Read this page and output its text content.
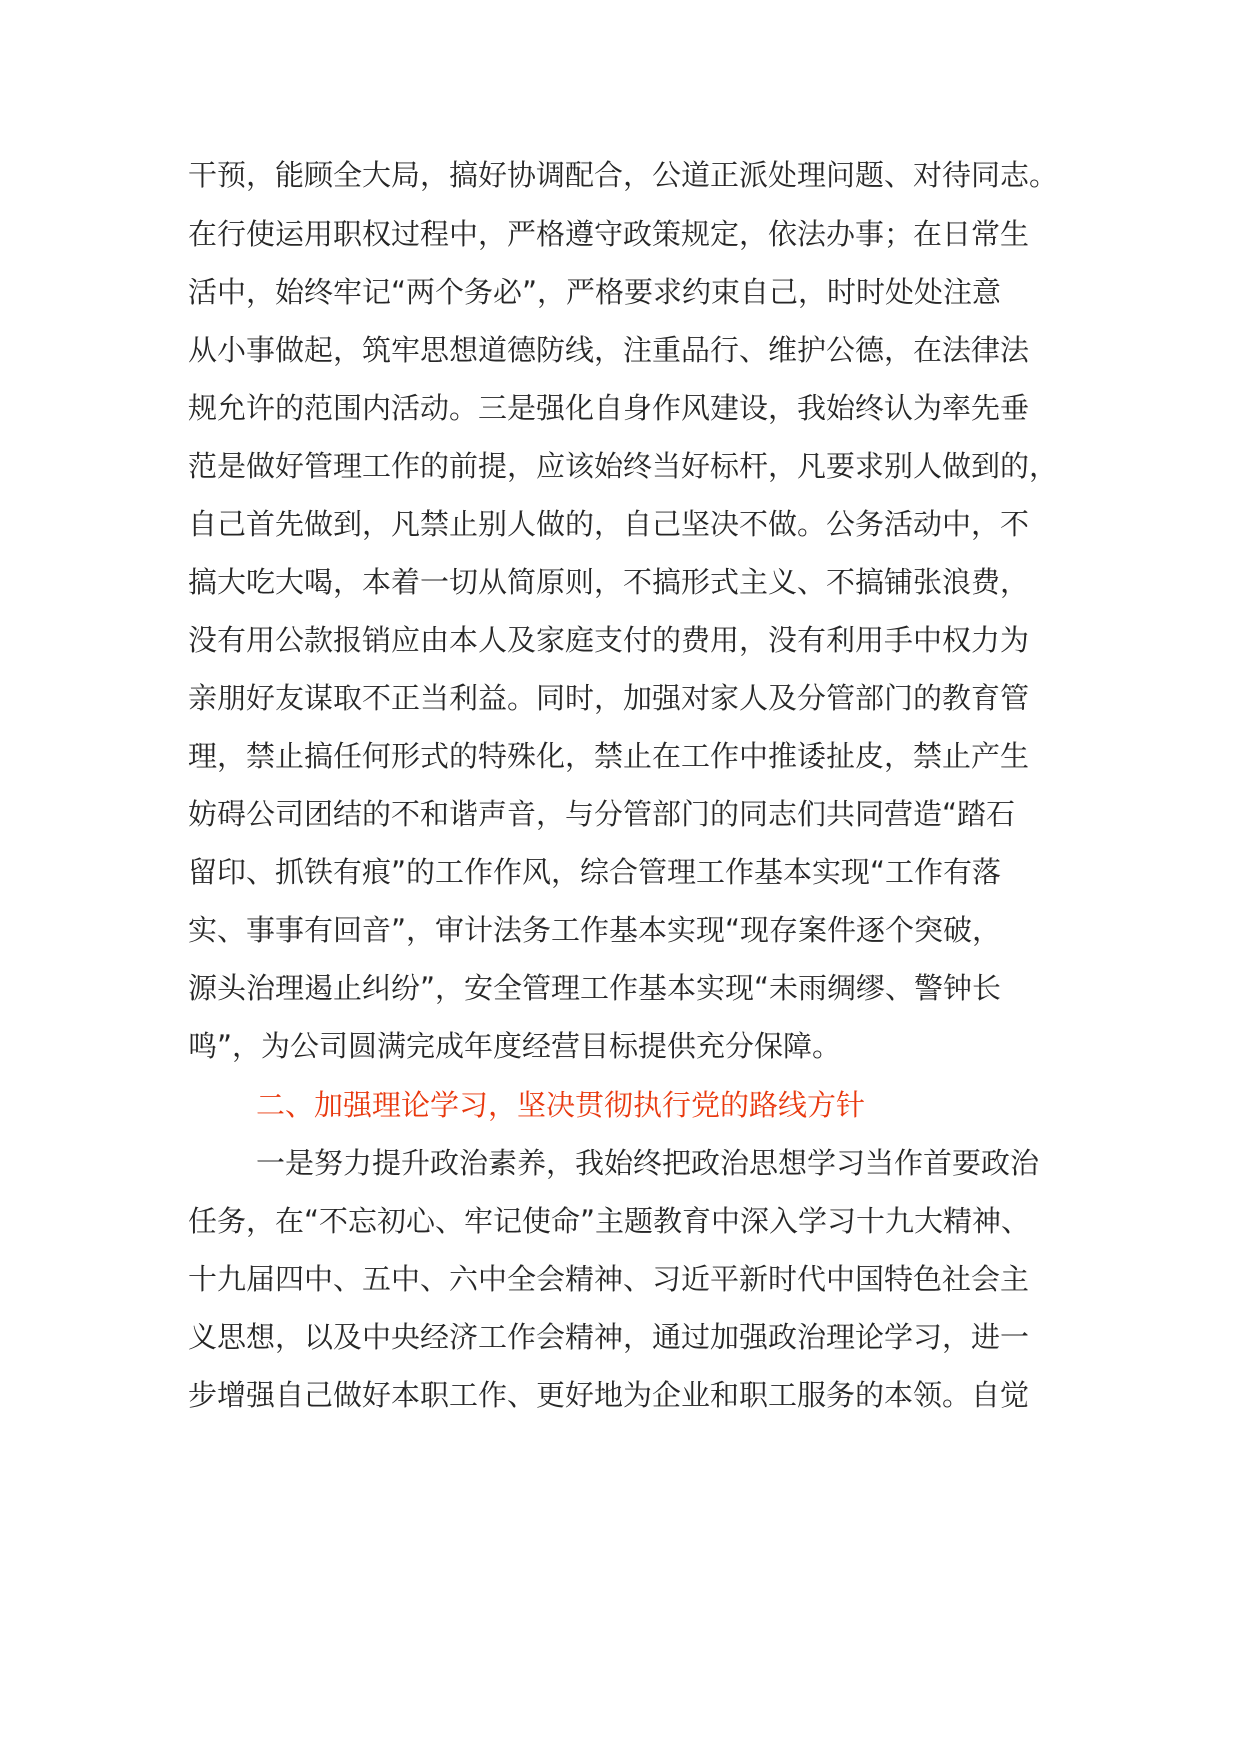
干预，能顾全大局，搞好协调配合，公道正派处理问题、对待同志。
在行使运用职权过程中，严格遵守政策规定，依法办事；在日常生
活中，始终牢记“两个务必”，严格要求约束自己，时时处处注意
从小事做起，筑牢思想道德防线，注重品行、维护公德，在法律法
规允许的范围内活动。三是强化自身作风建设，我始终认为率先垂
范是做好管理工作的前提，应该始终当好标杆，凡要求别人做到的，
自己首先做到，凡禁止别人做的，自己坚决不做。公务活动中，不
搞大吃大喝，本着一切从简原则，不搞形式主义、不搞铺张浪费，
没有用公款报销应由本人及家庭支付的费用，没有利用手中权力为
亲朋好友谋取不正当利益。同时，加强对家人及分管部门的教育管
理，禁止搞任何形式的特殊化，禁止在工作中推诿扯皮，禁止产生
妨碍公司团结的不和谐声音，与分管部门的同志们共同营造“踏石
留印、抓铁有痕”的工作作风，综合管理工作基本实现“工作有落
实、事事有回音”，审计法务工作基本实现“现存案件逐个突破，
源头治理遏止纠纷”，安全管理工作基本实现“未雨绸缪、警钟长
鸣”，为公司圆满完成年度经营目标提供充分保障。
二、加强理论学习，坚决贯彻执行党的路线方针
一是努力提升政治素养，我始终把政治思想学习当作首要政治
任务，在“不忘初心、牢记使命”主题教育中深入学习十九大精神、
十九届四中、五中、六中全会精神、习近平新时代中国特色社会主
义思想，以及中央经济工作会精神，通过加强政治理论学习，进一
步增强自己做好本职工作、更好地为企业和职工服务的本领。自觉
